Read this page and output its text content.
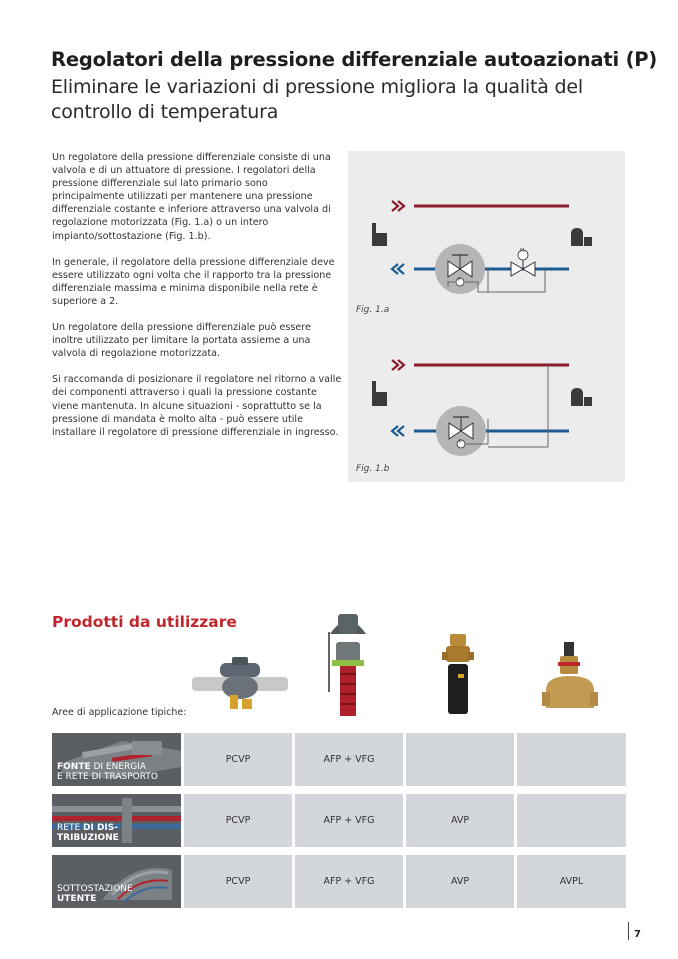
Regolatori della pressione differenziale autoazionati (P)
Eliminare le variazioni di pressione migliora la qualità del controllo di temperatura

Un regolatore della pressione differenziale consiste di una valvola e di un attuatore di pressione. I regolatori della pressione differenziale sul lato primario sono principalmente utilizzati per mantenere una pressione differenziale costante e inferiore attraverso una valvola di regolazione motorizzata (Fig. 1.a) o un intero impianto/sottostazione (Fig. 1.b).

In generale, il regolatore della pressione differenziale deve essere utilizzato ogni volta che il rapporto tra la pressione differenziale massima e minima disponibile nella rete è superiore a 2.

Un regolatore della pressione differenziale può essere inoltre utilizzato per limitare la portata assieme a una valvola di regolazione motorizzata.

Si raccomanda di posizionare il regolatore nel ritorno a valle dei componenti attraverso i quali la pressione costante viene mantenuta. In alcune situazioni - soprattutto se la pressione di mandata è molto alta - può essere utile installare il regolatore di pressione differenziale in ingresso.

Fig. 1.a
Fig. 1.b
M
P
P
Prodotti da utilizzare
Aree di applicazione tipiche:
FONTE DI ENERGIA
E RETE DI TRASPORTO
PCVP	AFP + VFG
RETE DI DIS-
TRIBUZIONE
PCVP	AFP + VFG	AVP
SOTTOSTAZIONE
UTENTE
PCVP	AFP + VFG	AVP	AVPL
7
